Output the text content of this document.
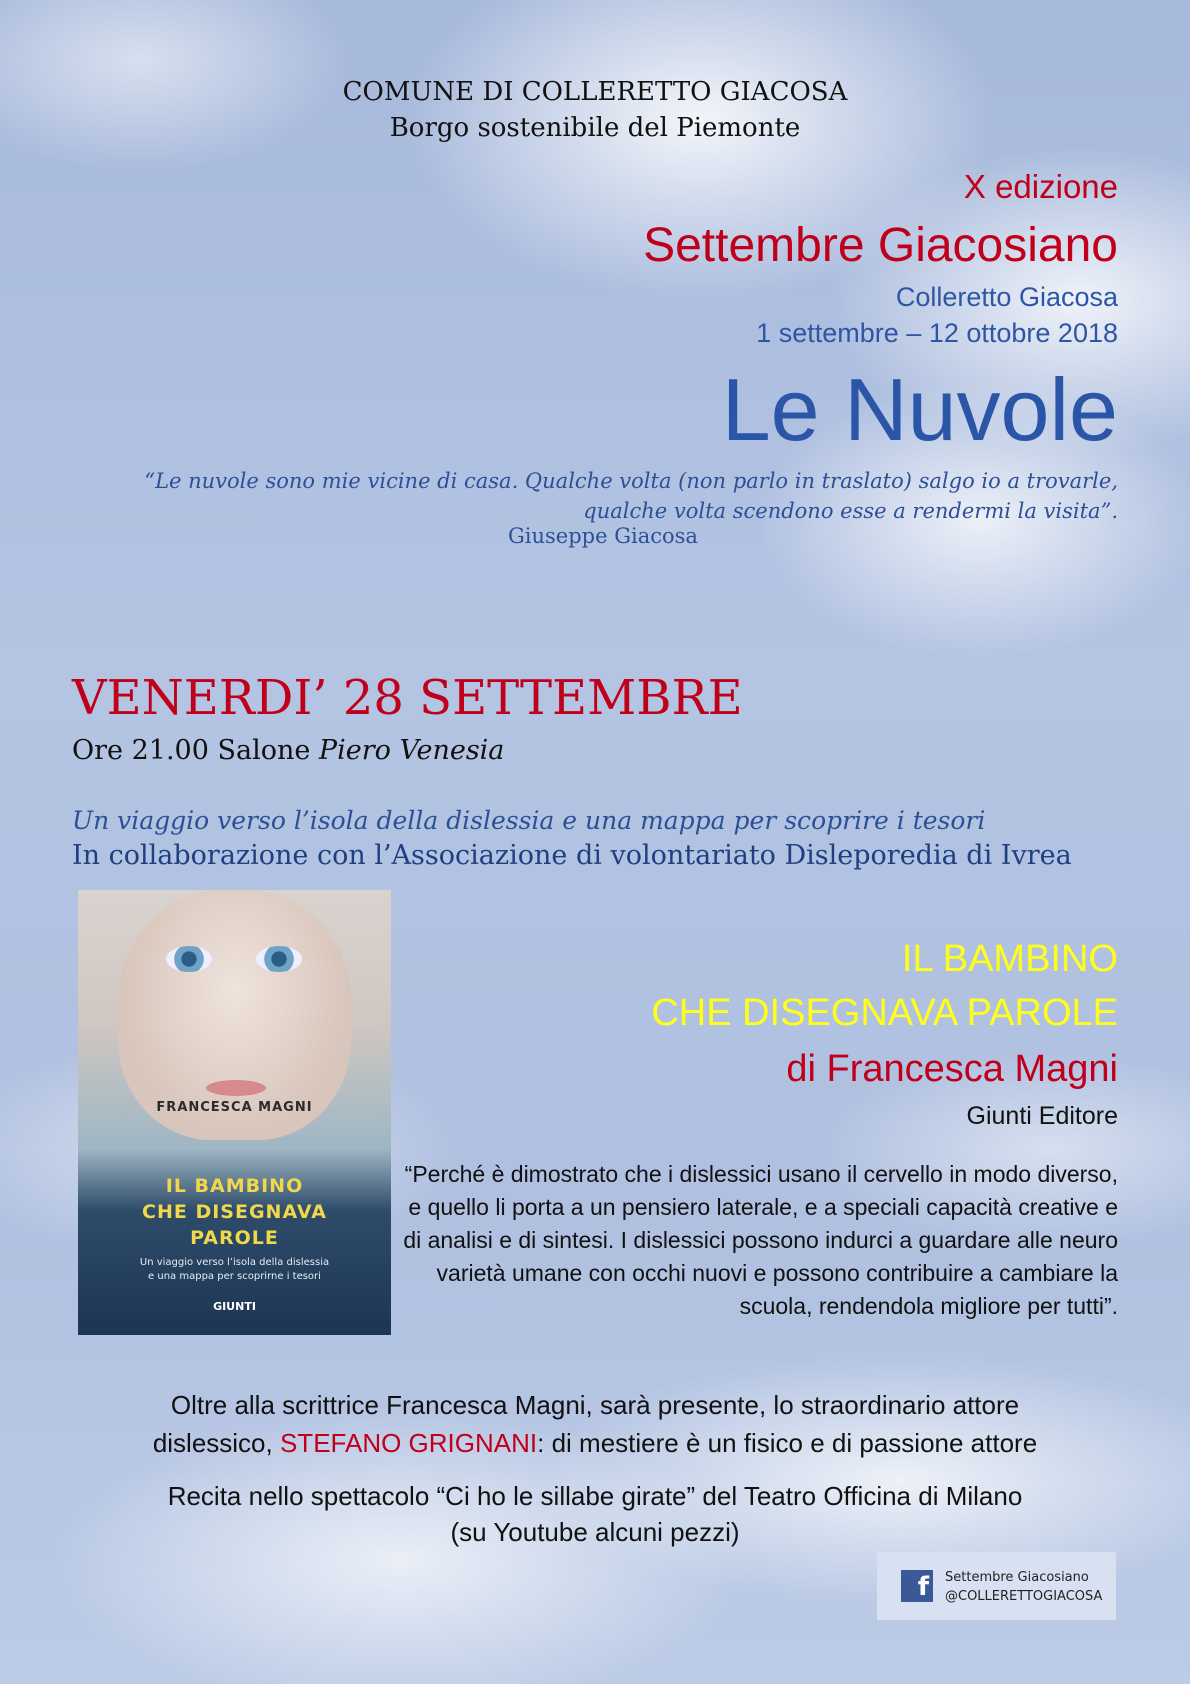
COMUNE DI COLLERETTO GIACOSA
Borgo sostenibile del Piemonte
X edizione
Settembre Giacosiano
Colleretto Giacosa
1 settembre – 12 ottobre 2018
Le Nuvole
“Le nuvole sono mie vicine di casa. Qualche volta (non parlo in traslato) salgo io a trovarle,
qualche volta scendono esse a rendermi la visita”.
Giuseppe Giacosa
VENERDI’ 28 SETTEMBRE
Ore 21.00 Salone Piero Venesia
Un viaggio verso l’isola della dislessia e una mappa per scoprire i tesori
In collaborazione con l’Associazione di volontariato Disleporedia di Ivrea
FRANCESCA MAGNI
IL BAMBINO
CHE DISEGNAVA
PAROLE
Un viaggio verso l’isola della dislessia
e una mappa per scoprirne i tesori
GIUNTI
IL BAMBINO
CHE DISEGNAVA PAROLE
di Francesca Magni
Giunti Editore
“Perché è dimostrato che i dislessici usano il cervello in modo diverso, e quello li porta a un pensiero laterale, e a speciali capacità creative e di analisi e di sintesi. I dislessici possono indurci a guardare alle neuro varietà umane con occhi nuovi e possono contribuire a cambiare la scuola, rendendola migliore per tutti”.
Oltre alla scrittrice Francesca Magni, sarà presente, lo straordinario attore
dislessico, STEFANO GRIGNANI: di mestiere è un fisico e di passione attore
Recita nello spettacolo “Ci ho le sillabe girate” del Teatro Officina di Milano
(su Youtube alcuni pezzi)
f	Settembre Giacosiano
@COLLERETTOGIACOSA
